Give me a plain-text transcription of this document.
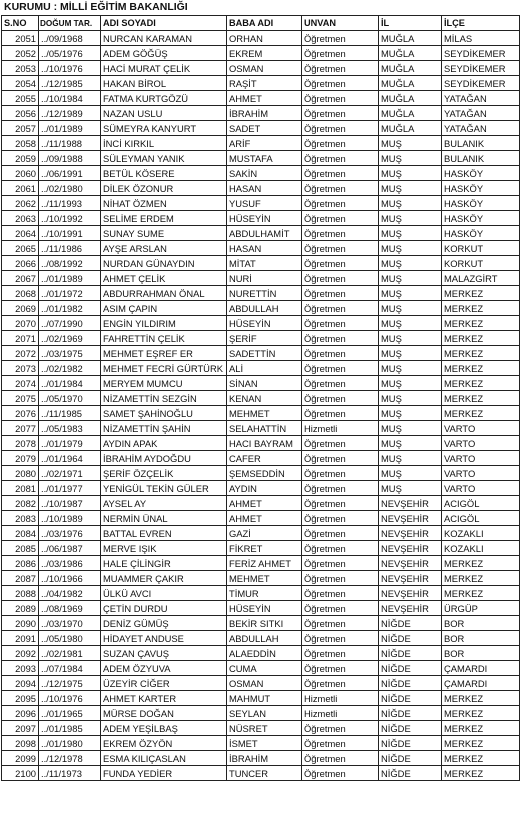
KURUMU : MİLLİ EĞİTİM BAKANLIĞI
S.NO	DOĞUM TAR.	ADI SOYADI	BABA ADI	UNVAN	İL	İLÇE
2051	../09/1968	NURCAN KARAMAN	ORHAN	Öğretmen	MUĞLA	MİLAS
2052	../05/1976	ADEM GÖĞÜŞ	EKREM	Öğretmen	MUĞLA	SEYDİKEMER
2053	../10/1976	HACİ MURAT ÇELİK	OSMAN	Öğretmen	MUĞLA	SEYDİKEMER
2054	../12/1985	HAKAN BİROL	RAŞİT	Öğretmen	MUĞLA	SEYDİKEMER
2055	../10/1984	FATMA KURTGÖZÜ	AHMET	Öğretmen	MUĞLA	YATAĞAN
2056	../12/1989	NAZAN USLU	İBRAHİM	Öğretmen	MUĞLA	YATAĞAN
2057	../01/1989	SÜMEYRA KANYURT	SADET	Öğretmen	MUĞLA	YATAĞAN
2058	../11/1988	İNCİ KIRKIL	ARİF	Öğretmen	MUŞ	BULANIK
2059	../09/1988	SÜLEYMAN YANIK	MUSTAFA	Öğretmen	MUŞ	BULANIK
2060	../06/1991	BETÜL KÖSERE	SAKİN	Öğretmen	MUŞ	HASKÖY
2061	../02/1980	DİLEK ÖZONUR	HASAN	Öğretmen	MUŞ	HASKÖY
2062	../11/1993	NİHAT ÖZMEN	YUSUF	Öğretmen	MUŞ	HASKÖY
2063	../10/1992	SELİME ERDEM	HÜSEYİN	Öğretmen	MUŞ	HASKÖY
2064	../10/1991	SUNAY SUME	ABDULHAMİT	Öğretmen	MUŞ	HASKÖY
2065	../11/1986	AYŞE ARSLAN	HASAN	Öğretmen	MUŞ	KORKUT
2066	../08/1992	NURDAN GÜNAYDIN	MİTAT	Öğretmen	MUŞ	KORKUT
2067	../01/1989	AHMET ÇELİK	NURİ	Öğretmen	MUŞ	MALAZGİRT
2068	../01/1972	ABDURRAHMAN ÖNAL	NURETTİN	Öğretmen	MUŞ	MERKEZ
2069	../01/1982	ASIM ÇAPIN	ABDULLAH	Öğretmen	MUŞ	MERKEZ
2070	../07/1990	ENGİN YILDIRIM	HÜSEYİN	Öğretmen	MUŞ	MERKEZ
2071	../02/1969	FAHRETTİN ÇELİK	ŞERİF	Öğretmen	MUŞ	MERKEZ
2072	../03/1975	MEHMET EŞREF ER	SADETTİN	Öğretmen	MUŞ	MERKEZ
2073	../02/1982	MEHMET FECRİ GÜRTÜRK	ALİ	Öğretmen	MUŞ	MERKEZ
2074	../01/1984	MERYEM MUMCU	SİNAN	Öğretmen	MUŞ	MERKEZ
2075	../05/1970	NİZAMETTİN SEZGİN	KENAN	Öğretmen	MUŞ	MERKEZ
2076	../11/1985	SAMET ŞAHİNOĞLU	MEHMET	Öğretmen	MUŞ	MERKEZ
2077	../05/1983	NİZAMETTİN ŞAHİN	SELAHATTİN	Hizmetli	MUŞ	VARTO
2078	../01/1979	AYDIN APAK	HACI BAYRAM	Öğretmen	MUŞ	VARTO
2079	../01/1964	İBRAHİM AYDOĞDU	CAFER	Öğretmen	MUŞ	VARTO
2080	../02/1971	ŞERİF ÖZÇELİK	ŞEMSEDDİN	Öğretmen	MUŞ	VARTO
2081	../01/1977	YENİGÜL TEKİN GÜLER	AYDIN	Öğretmen	MUŞ	VARTO
2082	../10/1987	AYSEL AY	AHMET	Öğretmen	NEVŞEHİR	ACIGÖL
2083	../10/1989	NERMİN ÜNAL	AHMET	Öğretmen	NEVŞEHİR	ACIGÖL
2084	../03/1976	BATTAL EVREN	GAZİ	Öğretmen	NEVŞEHİR	KOZAKLI
2085	../06/1987	MERVE IŞIK	FİKRET	Öğretmen	NEVŞEHİR	KOZAKLI
2086	../03/1986	HALE ÇİLİNGİR	FERİZ AHMET	Öğretmen	NEVŞEHİR	MERKEZ
2087	../10/1966	MUAMMER ÇAKIR	MEHMET	Öğretmen	NEVŞEHİR	MERKEZ
2088	../04/1982	ÜLKÜ AVCI	TİMUR	Öğretmen	NEVŞEHİR	MERKEZ
2089	../08/1969	ÇETİN DURDU	HÜSEYİN	Öğretmen	NEVŞEHİR	ÜRGÜP
2090	../03/1970	DENİZ GÜMÜŞ	BEKİR SITKI	Öğretmen	NİĞDE	BOR
2091	../05/1980	HİDAYET ANDUSE	ABDULLAH	Öğretmen	NİĞDE	BOR
2092	../02/1981	SUZAN ÇAVUŞ	ALAEDDİN	Öğretmen	NİĞDE	BOR
2093	../07/1984	ADEM ÖZYUVA	CUMA	Öğretmen	NİĞDE	ÇAMARDI
2094	../12/1975	ÜZEYİR CİĞER	OSMAN	Öğretmen	NİĞDE	ÇAMARDI
2095	../10/1976	AHMET KARTER	MAHMUT	Hizmetli	NİĞDE	MERKEZ
2096	../01/1965	MÜRSE DOĞAN	SEYLAN	Hizmetli	NİĞDE	MERKEZ
2097	../01/1985	ADEM YEŞİLBAŞ	NÜSRET	Öğretmen	NİĞDE	MERKEZ
2098	../01/1980	EKREM ÖZYÖN	İSMET	Öğretmen	NİĞDE	MERKEZ
2099	../12/1978	ESMA KILIÇASLAN	İBRAHİM	Öğretmen	NİĞDE	MERKEZ
2100	../11/1973	FUNDA YEDİER	TUNCER	Öğretmen	NİĞDE	MERKEZ
